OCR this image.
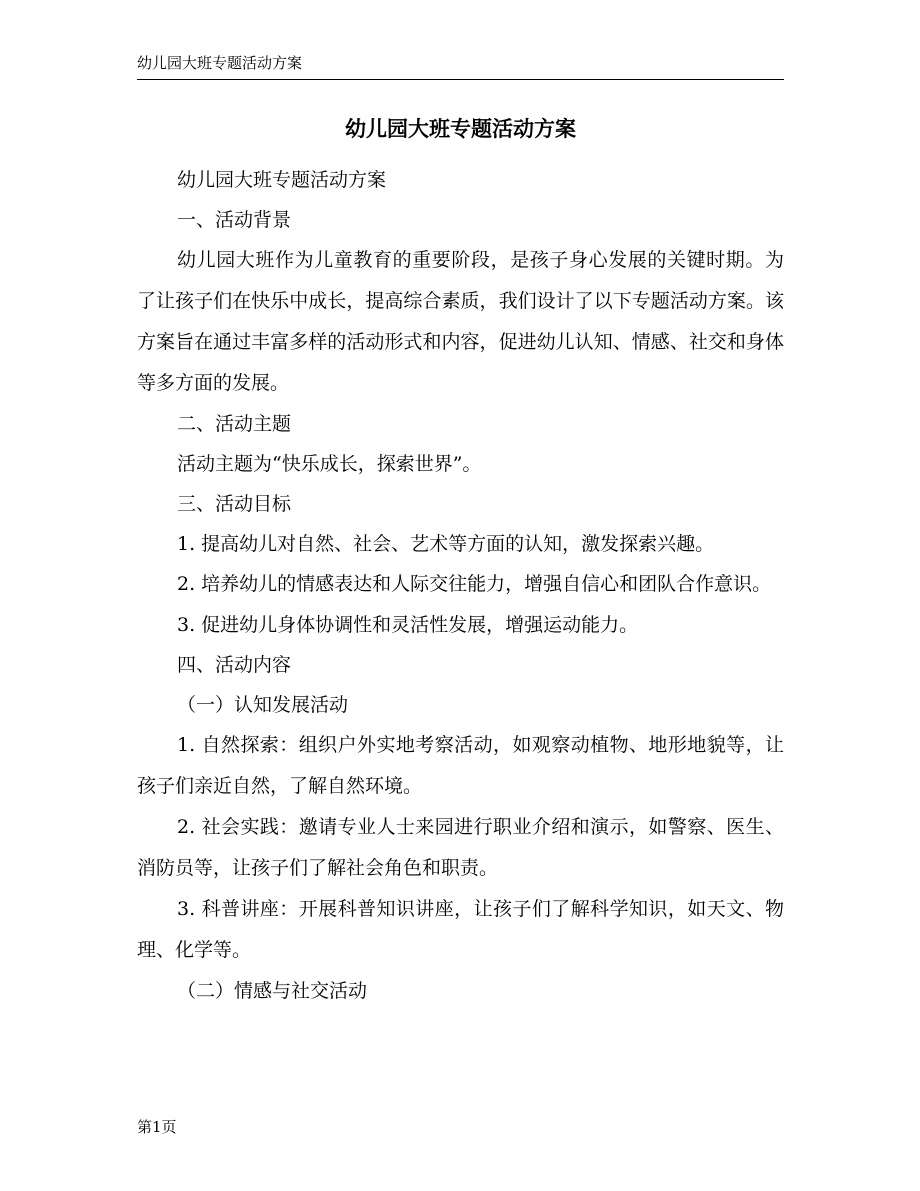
幼儿园大班专题活动方案
幼儿园大班专题活动方案

幼儿园大班专题活动方案

一、活动背景

幼儿园大班作为儿童教育的重要阶段，是孩子身心发展的关键时期。为了让孩子们在快乐中成长，提高综合素质，我们设计了以下专题活动方案。该方案旨在通过丰富多样的活动形式和内容，促进幼儿认知、情感、社交和身体等多方面的发展。

二、活动主题

活动主题为“快乐成长，探索世界”。

三、活动目标

1. 提高幼儿对自然、社会、艺术等方面的认知，激发探索兴趣。

2. 培养幼儿的情感表达和人际交往能力，增强自信心和团队合作意识。

3. 促进幼儿身体协调性和灵活性发展，增强运动能力。

四、活动内容

（一）认知发展活动

1. 自然探索：组织户外实地考察活动，如观察动植物、地形地貌等，让孩子们亲近自然，了解自然环境。

2. 社会实践：邀请专业人士来园进行职业介绍和演示，如警察、医生、消防员等，让孩子们了解社会角色和职责。

3. 科普讲座：开展科普知识讲座，让孩子们了解科学知识，如天文、物理、化学等。

（二）情感与社交活动

第1页
